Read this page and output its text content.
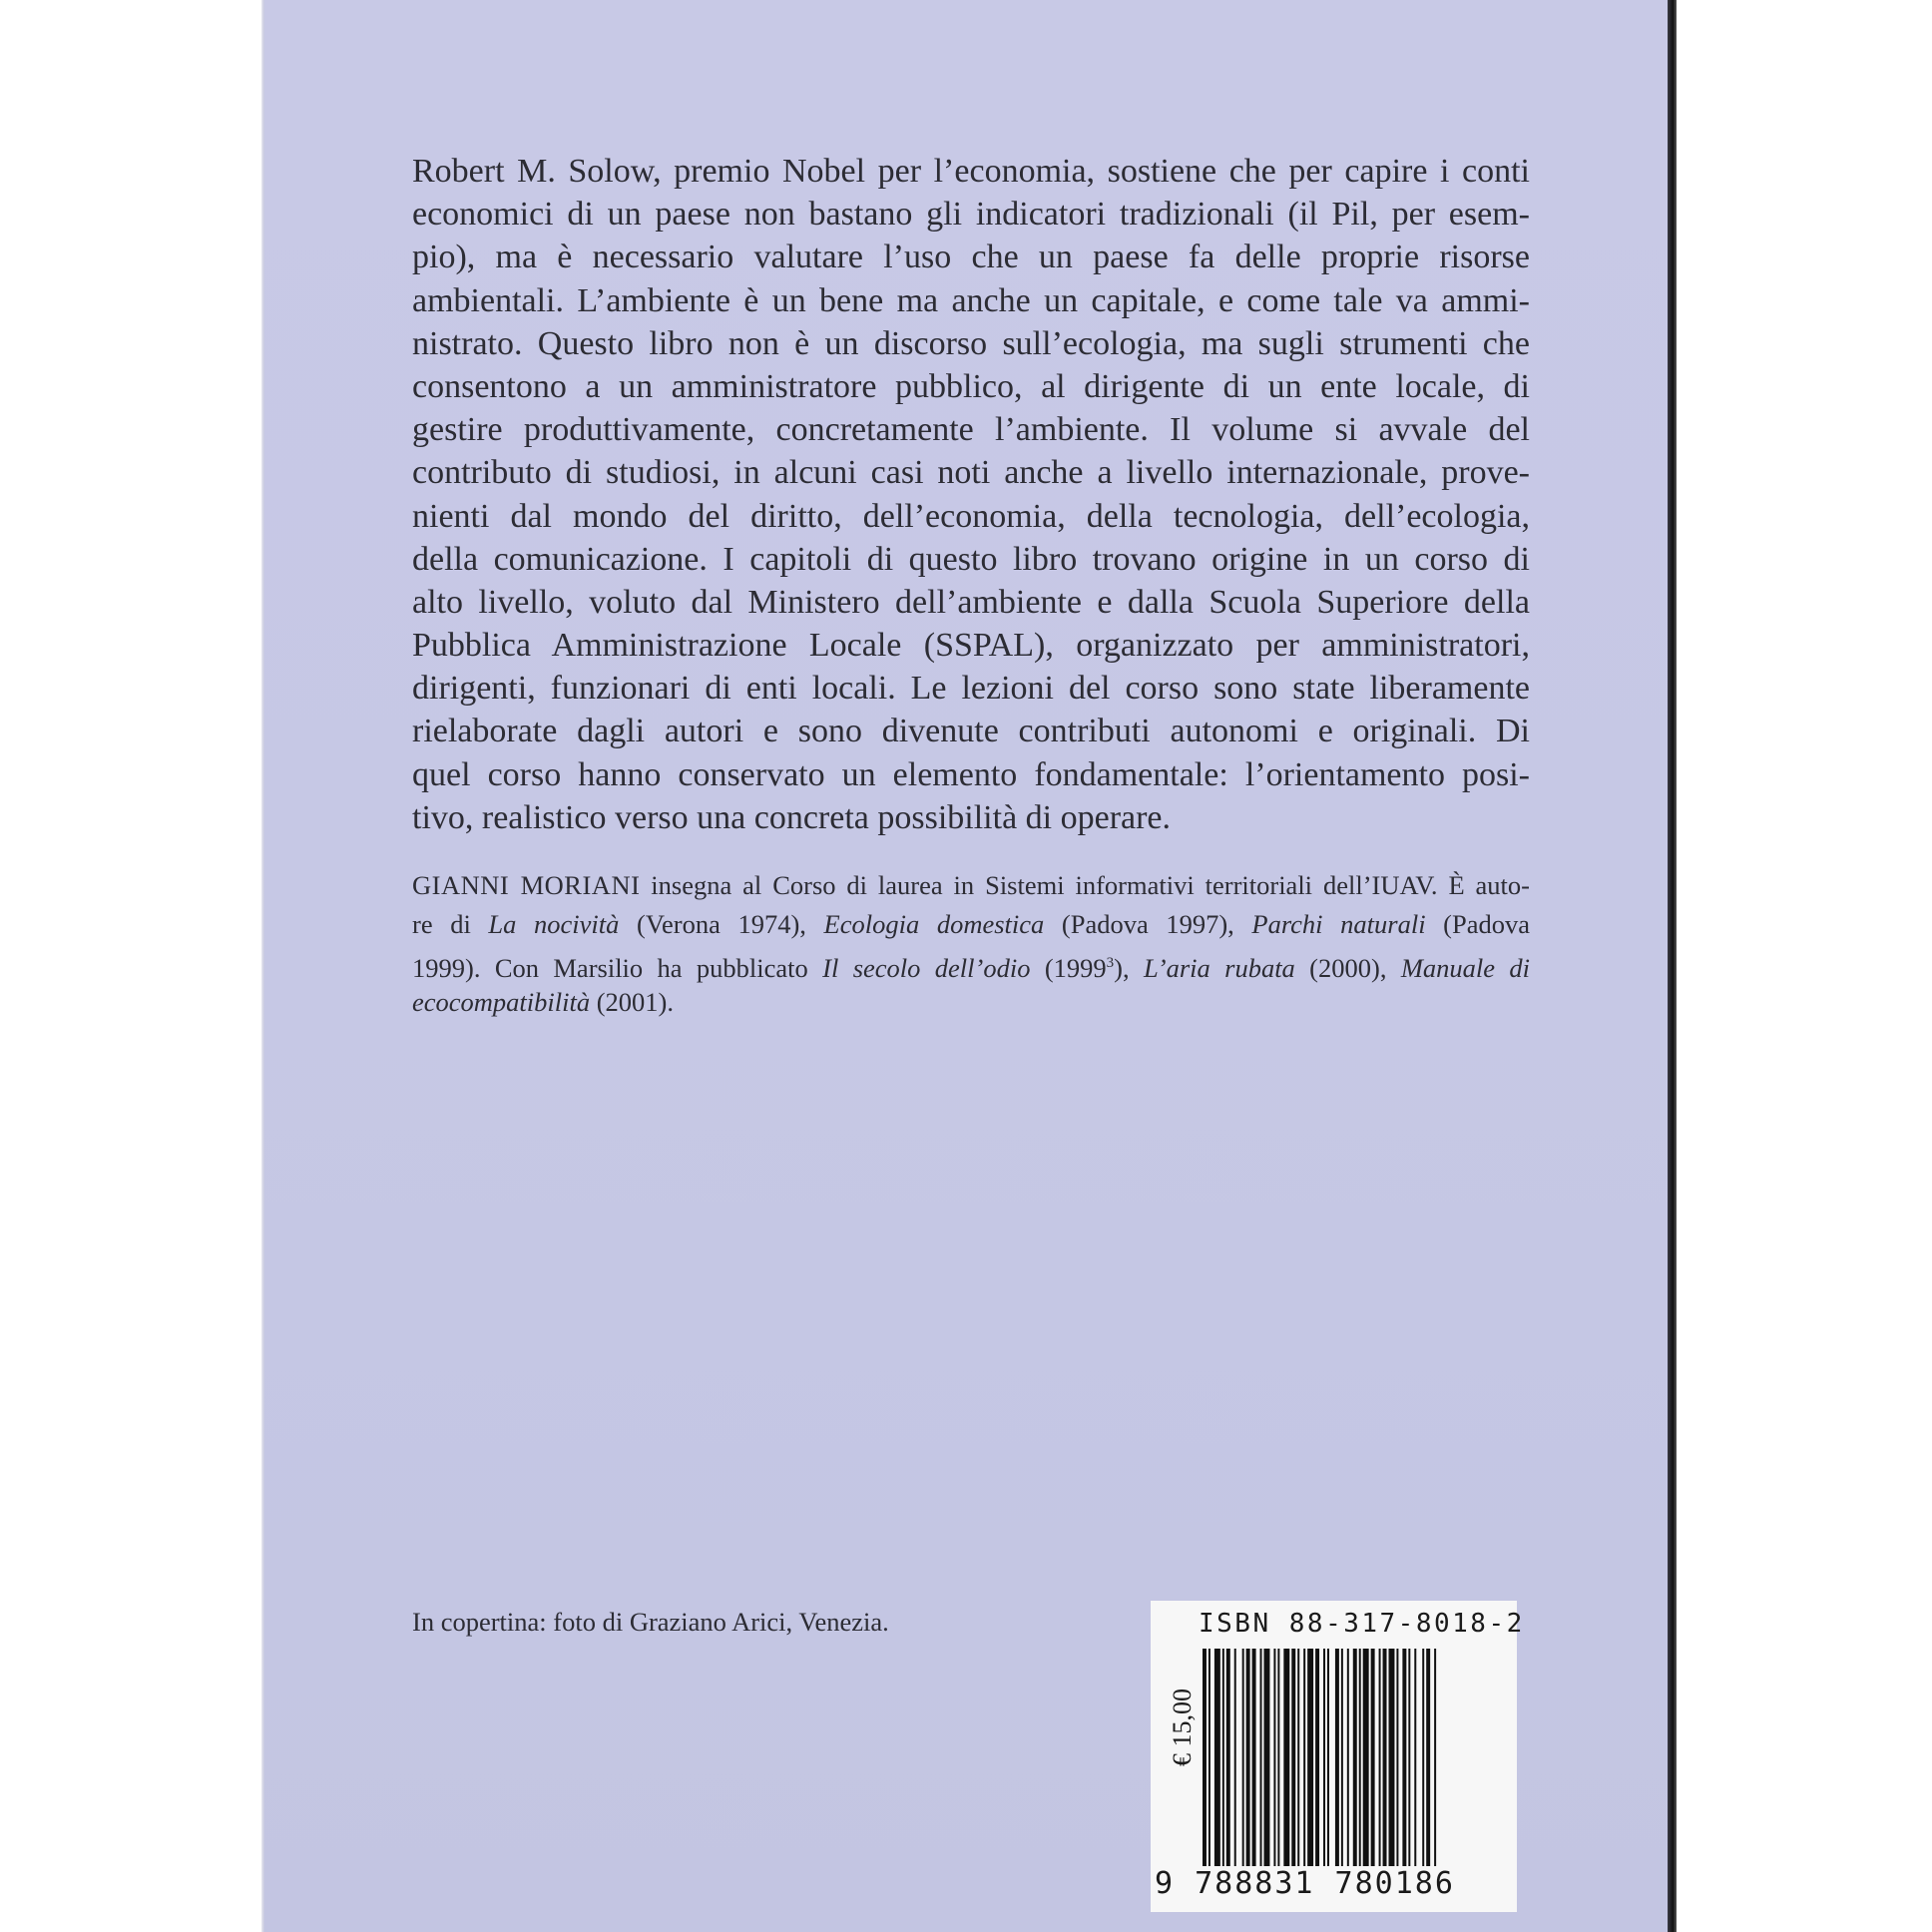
Robert M. Solow, premio Nobel per l’economia, sostiene che per capire i conti
economici di un paese non bastano gli indicatori tradizionali (il Pil, per esem-
pio), ma è necessario valutare l’uso che un paese fa delle proprie risorse
ambientali. L’ambiente è un bene ma anche un capitale, e come tale va ammi-
nistrato. Questo libro non è un discorso sull’ecologia, ma sugli strumenti che
consentono a un amministratore pubblico, al dirigente di un ente locale, di
gestire produttivamente, concretamente l’ambiente. Il volume si avvale del
contributo di studiosi, in alcuni casi noti anche a livello internazionale, prove-
nienti dal mondo del diritto, dell’economia, della tecnologia, dell’ecologia,
della comunicazione. I capitoli di questo libro trovano origine in un corso di
alto livello, voluto dal Ministero dell’ambiente e dalla Scuola Superiore della
Pubblica Amministrazione Locale (SSPAL), organizzato per amministratori,
dirigenti, funzionari di enti locali. Le lezioni del corso sono state liberamente
rielaborate dagli autori e sono divenute contributi autonomi e originali. Di
quel corso hanno conservato un elemento fondamentale: l’orientamento posi-
tivo, realistico verso una concreta possibilità di operare.
GIANNI MORIANI insegna al Corso di laurea in Sistemi informativi territoriali dell’IUAV. È auto-
re di La nocività (Verona 1974), Ecologia domestica (Padova 1997), Parchi naturali (Padova
1999). Con Marsilio ha pubblicato Il secolo dell’odio (1999$^3$), L’aria rubata (2000), Manuale di
ecocompatibilità (2001).
In copertina: foto di Graziano Arici, Venezia.	ISBN 88-317-8018-2
€ 15,00
9 788831 780186
